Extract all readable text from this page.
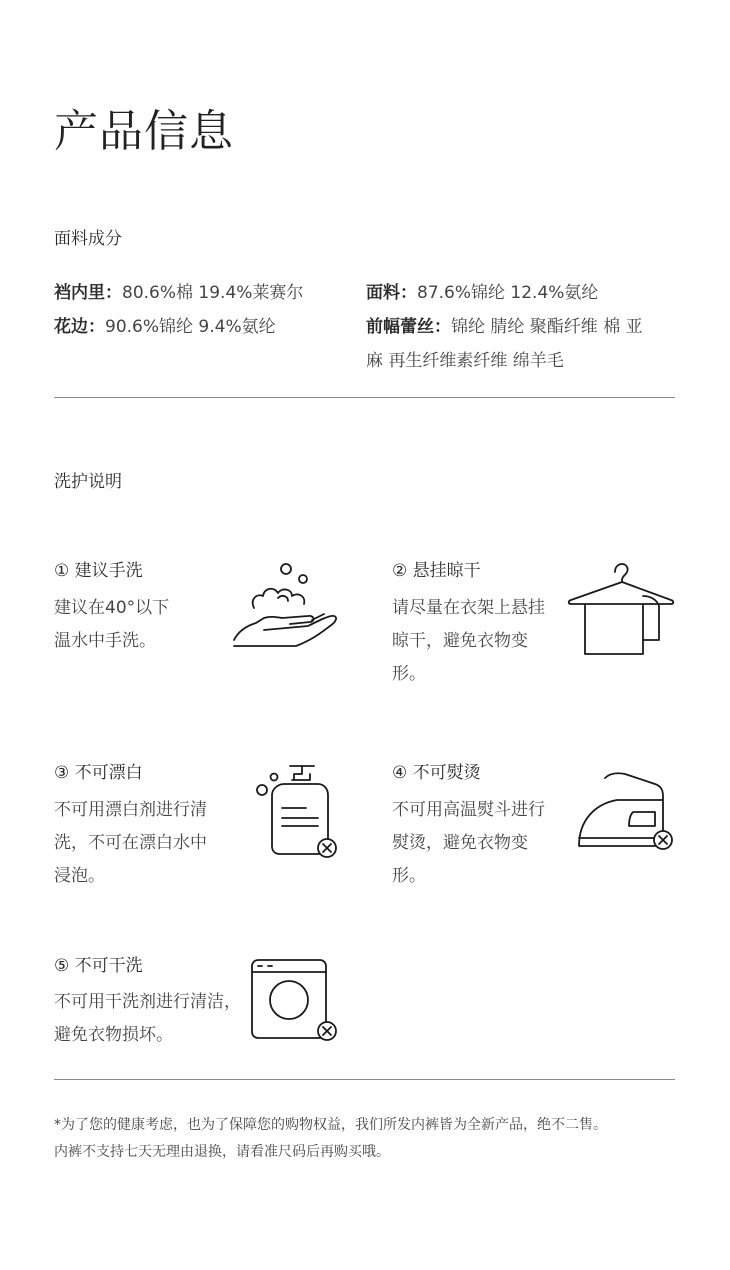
产品信息
面料成分
裆内里：80.6%棉 19.4%莱赛尔
花边：90.6%锦纶 9.4%氨纶
面料：87.6%锦纶 12.4%氨纶
前幅蕾丝：锦纶 腈纶 聚酯纤维 棉 亚麻 再生纤维素纤维 绵羊毛
洗护说明
① 建议手洗
建议在40°以下温水中手洗。
② 悬挂晾干
请尽量在衣架上悬挂晾干，避免衣物变形。
③ 不可漂白
不可用漂白剂进行清洗，不可在漂白水中浸泡。
④ 不可熨烫
不可用高温熨斗进行熨烫，避免衣物变形。
⑤ 不可干洗
不可用干洗剂进行清洁，避免衣物损坏。
*为了您的健康考虑，也为了保障您的购物权益，我们所发内裤皆为全新产品，绝不二售。
内裤不支持七天无理由退换，请看准尺码后再购买哦。
